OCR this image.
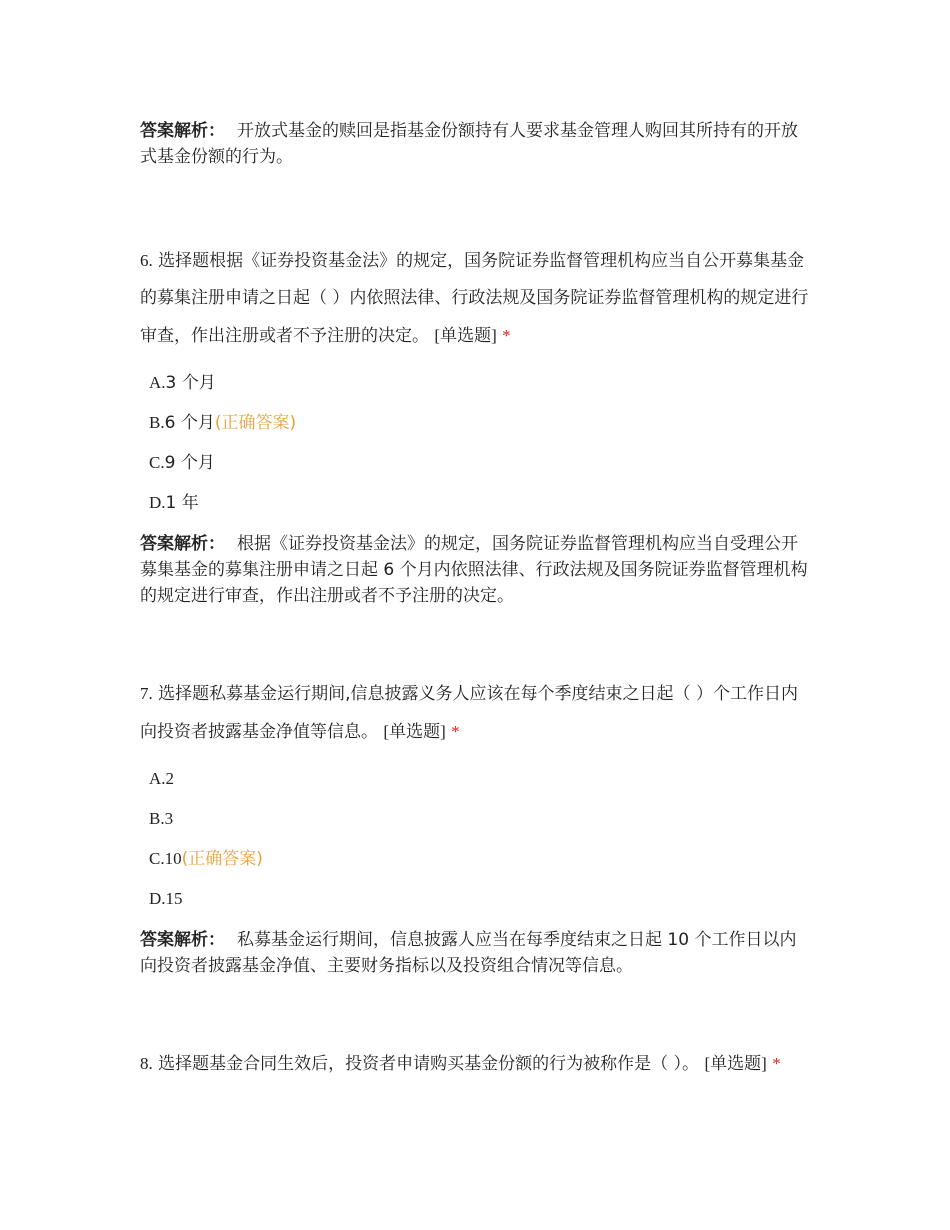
答案解析： 开放式基金的赎回是指基金份额持有人要求基金管理人购回其所持有的开放式基金份额的行为。

6. 选择题根据《证券投资基金法》的规定，国务院证券监督管理机构应当自公开募集基金的募集注册申请之日起（ ）内依照法律、行政法规及国务院证券监督管理机构的规定进行审查，作出注册或者不予注册的决定。 [单选题] *

A.3 个月
B.6 个月(正确答案)
C.9 个月
D.1 年

答案解析： 根据《证券投资基金法》的规定，国务院证券监督管理机构应当自受理公开募集基金的募集注册申请之日起 6 个月内依照法律、行政法规及国务院证券监督管理机构的规定进行审查，作出注册或者不予注册的决定。

7. 选择题私募基金运行期间,信息披露义务人应该在每个季度结束之日起（ ）个工作日内向投资者披露基金净值等信息。 [单选题] *

A.2
B.3
C.10(正确答案)
D.15

答案解析： 私募基金运行期间，信息披露人应当在每季度结束之日起 10 个工作日以内向投资者披露基金净值、主要财务指标以及投资组合情况等信息。

8. 选择题基金合同生效后，投资者申请购买基金份额的行为被称作是（ ）。 [单选题] *
